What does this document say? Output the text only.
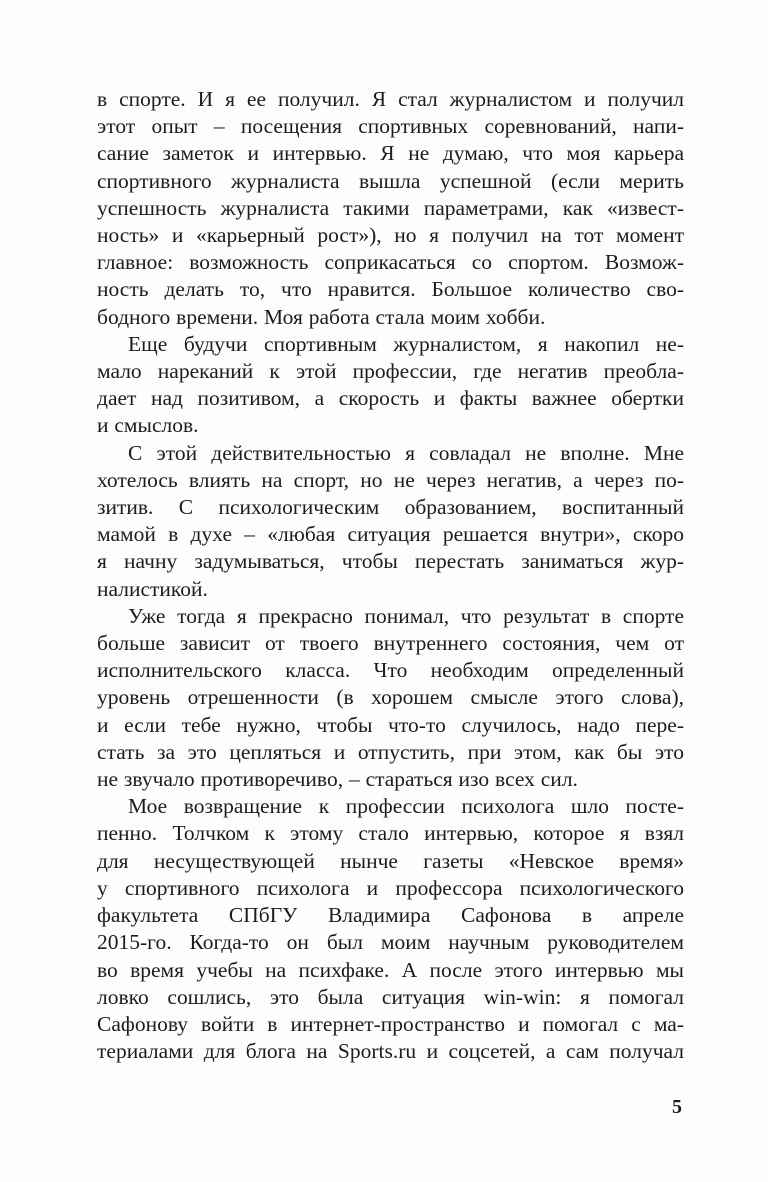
в спорте. И я ее получил. Я стал журналистом и получил
этот опыт – посещения спортивных соревнований, напи-
сание заметок и интервью. Я не думаю, что моя карьера
спортивного журналиста вышла успешной (если мерить
успешность журналиста такими параметрами, как «извест-
ность» и «карьерный рост»), но я получил на тот момент
главное: возможность соприкасаться со спортом. Возмож-
ность делать то, что нравится. Большое количество сво-
бодного времени. Моя работа стала моим хобби.
Еще будучи спортивным журналистом, я накопил не-
мало нареканий к этой профессии, где негатив преобла-
дает над позитивом, а скорость и факты важнее обертки
и смыслов.
С этой действительностью я совладал не вполне. Мне
хотелось влиять на спорт, но не через негатив, а через по-
зитив. С психологическим образованием, воспитанный
мамой в духе – «любая ситуация решается внутри», скоро
я начну задумываться, чтобы перестать заниматься жур-
налистикой.
Уже тогда я прекрасно понимал, что результат в спорте
больше зависит от твоего внутреннего состояния, чем от
исполнительского класса. Что необходим определенный
уровень отрешенности (в хорошем смысле этого слова),
и если тебе нужно, чтобы что-то случилось, надо пере-
стать за это цепляться и отпустить, при этом, как бы это
не звучало противоречиво, – стараться изо всех сил.
Мое возвращение к профессии психолога шло посте-
пенно. Толчком к этому стало интервью, которое я взял
для несуществующей нынче газеты «Невское время»
у спортивного психолога и профессора психологического
факультета СПбГУ Владимира Сафонова в апреле
2015-го. Когда-то он был моим научным руководителем
во время учебы на психфаке. А после этого интервью мы
ловко сошлись, это была ситуация win-win: я помогал
Сафонову войти в интернет-пространство и помогал с ма-
териалами для блога на Sports.ru и соцсетей, а сам получал
5
